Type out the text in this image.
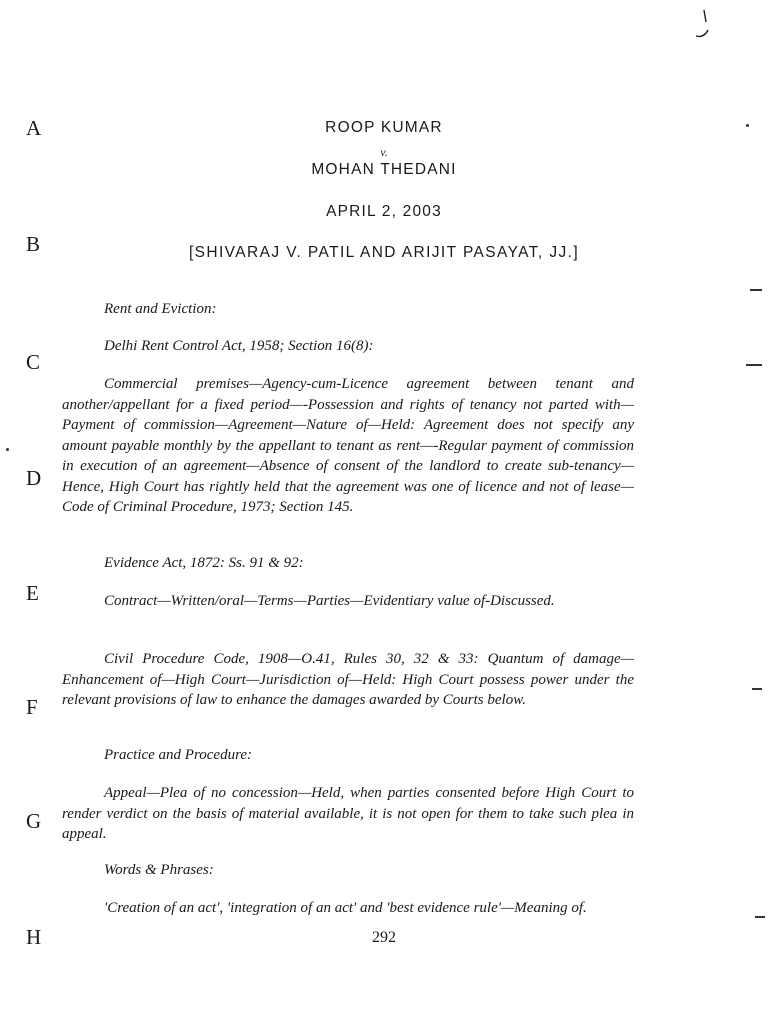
A
B
C
D
E
F
G
H
ROOP KUMAR
v.
MOHAN THEDANI
APRIL 2, 2003
[SHIVARAJ V. PATIL AND ARIJIT PASAYAT, JJ.]
Rent and Eviction:
Delhi Rent Control Act, 1958; Section 16(8):
Commercial premises—Agency-cum-Licence agreement between tenant and another/appellant for a fixed period—-Possession and rights of tenancy not parted with—Payment of commission—Agreement—Nature of—Held: Agreement does not specify any amount payable monthly by the appellant to tenant as rent—-Regular payment of commission in execution of an agreement—Absence of consent of the landlord to create sub-tenancy—Hence, High Court has rightly held that the agreement was one of licence and not of lease—Code of Criminal Procedure, 1973; Section 145.
Evidence Act, 1872: Ss. 91 & 92:
Contract—Written/oral—Terms—Parties—Evidentiary value of-Discussed.
Civil Procedure Code, 1908—O.41, Rules 30, 32 & 33: Quantum of damage—Enhancement of—High Court—Jurisdiction of—Held: High Court possess power under the relevant provisions of law to enhance the damages awarded by Courts below.
Practice and Procedure:
Appeal—Plea of no concession—Held, when parties consented before High Court to render verdict on the basis of material available, it is not open for them to take such plea in appeal.
Words & Phrases:
'Creation of an act', 'integration of an act' and 'best evidence rule'—Meaning of.
292
